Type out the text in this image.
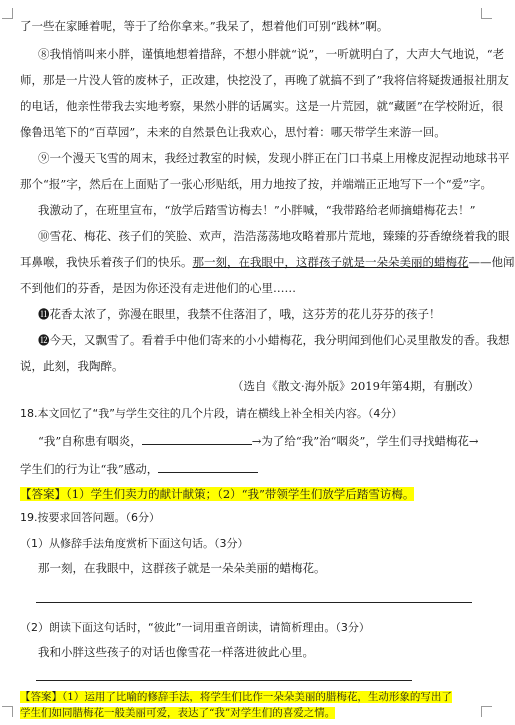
了一些在家睡着呢，等于了给你拿来。”我呆了，想着他们可别“践林”啊。
⑧我悄悄叫来小胖，谨慎地想着措辞，不想小胖就“说”，一听就明白了，大声大气地说，“老
师，那是一片没人管的废林子，正改建，快挖没了，再晚了就搞不到了”我将信将疑拨通报社朋友
的电话，他亲性带我去实地考察，果然小胖的话属实。这是一片荒园，就“藏匿”在学校附近，很
像鲁迅笔下的“百草园”，未来的自然景色让我欢心，思忖着：哪天带学生来游一回。
⑨一个漫天飞雪的周末，我经过教室的时候，发现小胖正在门口书桌上用橡皮泥捏动地球书平
那个“报”字，然后在上面贴了一张心形贴纸，用力地按了按，并端端正正地写下一个“爱”字。
我激动了，在班里宣布，“放学后踏雪访梅去！”小胖喊，“我带路给老师摘蜡梅花去！”
⑩雪花、梅花、孩子们的笑脸、欢声，浩浩荡荡地攻略着那片荒地，臻臻的芬香缭绕着我的眼
耳鼻喉，我快乐着孩子们的快乐。那一刻，在我眼中，这群孩子就是一朵朵美丽的蜡梅花——他闻
不到他们的芬香，是因为你还没有走进他们的心里……
⓫花香太浓了，弥漫在眼里，我禁不住落泪了，哦，这芬芳的花儿芬芬的孩子！
⓬今天，又飘雪了。看着手中他们寄来的小小蜡梅花，我分明闻到他们心灵里散发的香。我想
说，此刻，我陶醉。
（选自《散文·海外版》2019年第4期，有删改）
18.本文回忆了“我”与学生交往的几个片段，请在横线上补全相关内容。（4分）
“我”自称患有咽炎，	→为了给“我”治“咽炎”，学生们寻找蜡梅花→
学生们的行为让“我”感动，
【答案】（1）学生们卖力的献计献策；（2）“我”带领学生们放学后踏雪访梅。
19.按要求回答问题。（6分）
（1）从修辞手法角度赏析下面这句话。（3分）
那一刻，在我眼中，这群孩子就是一朵朵美丽的蜡梅花。
（2）朗读下面这句话时，“彼此”一词用重音朗读，请简析理由。（3分）
我和小胖这些孩子的对话也像雪花一样落进彼此心里。
【答案】（1）运用了比喻的修辞手法，将学生们比作一朵朵美丽的腊梅花，生动形象的写出了
学生们如同腊梅花一般美丽可爱，表达了“我”对学生们的喜爱之情。
